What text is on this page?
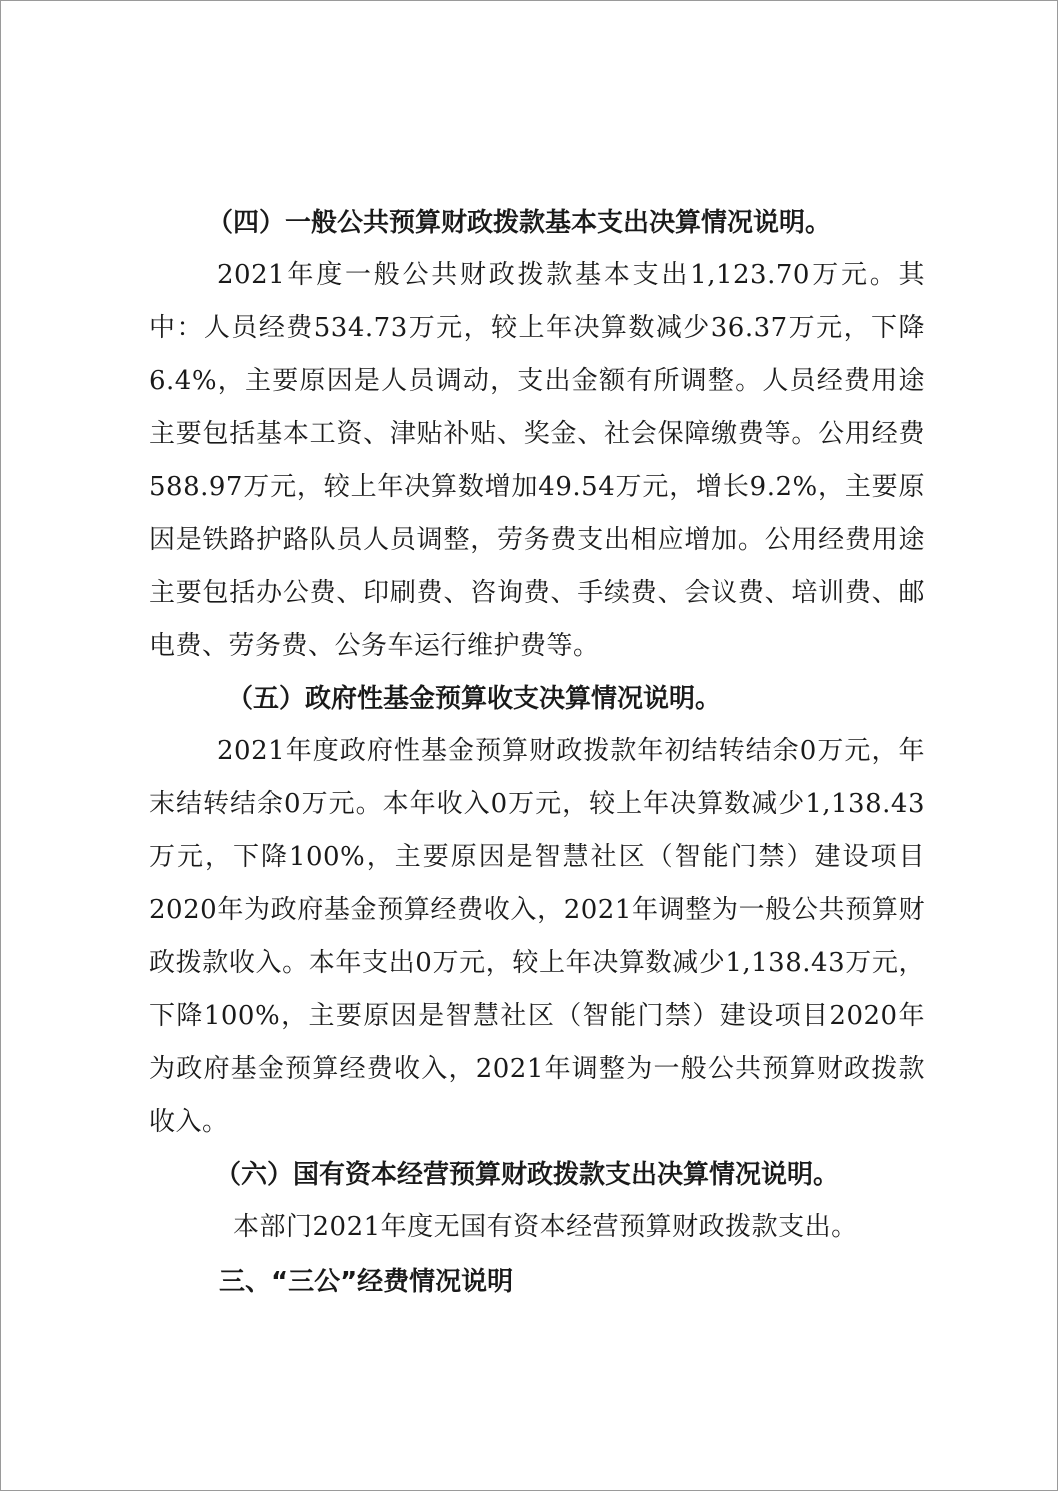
（四）一般公共预算财政拨款基本支出决算情况说明。

2021年度一般公共财政拨款基本支出1,123.70万元。其中：人员经费534.73万元，较上年决算数减少36.37万元，下降6.4%，主要原因是人员调动，支出金额有所调整。人员经费用途主要包括基本工资、津贴补贴、奖金、社会保障缴费等。公用经费588.97万元，较上年决算数增加49.54万元，增长9.2%，主要原因是铁路护路队员人员调整，劳务费支出相应增加。公用经费用途主要包括办公费、印刷费、咨询费、手续费、会议费、培训费、邮电费、劳务费、公务车运行维护费等。

（五）政府性基金预算收支决算情况说明。

2021年度政府性基金预算财政拨款年初结转结余0万元，年末结转结余0万元。本年收入0万元，较上年决算数减少1,138.43万元，下降100%，主要原因是智慧社区（智能门禁）建设项目2020年为政府基金预算经费收入，2021年调整为一般公共预算财政拨款收入。本年支出0万元，较上年决算数减少1,138.43万元，下降100%，主要原因是智慧社区（智能门禁）建设项目2020年为政府基金预算经费收入，2021年调整为一般公共预算财政拨款收入。

（六）国有资本经营预算财政拨款支出决算情况说明。

本部门2021年度无国有资本经营预算财政拨款支出。

三、“三公”经费情况说明
